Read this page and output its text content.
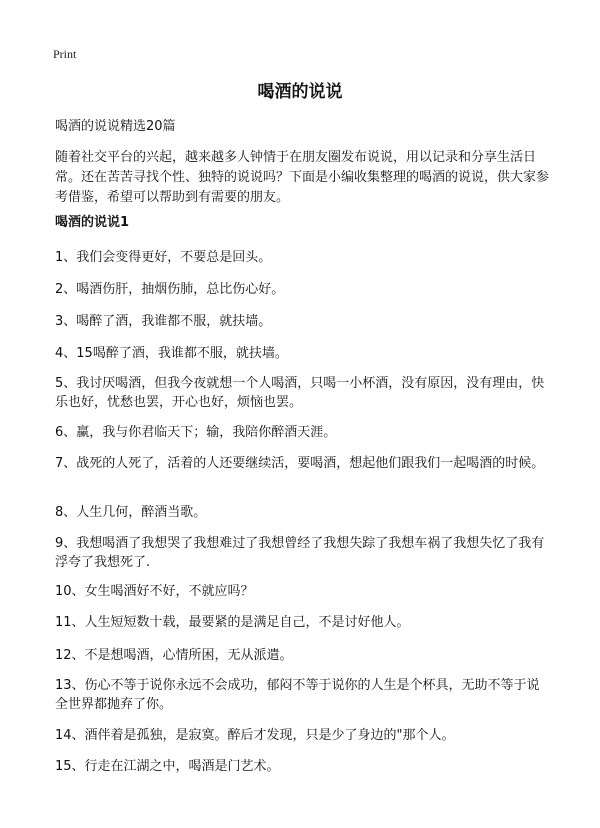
Print
喝酒的说说
喝酒的说说精选20篇
随着社交平台的兴起，越来越多人钟情于在朋友圈发布说说，用以记录和分享生活日常。还在苦苦寻找个性、独特的说说吗？下面是小编收集整理的喝酒的说说，供大家参考借鉴，希望可以帮助到有需要的朋友。
喝酒的说说1
1、我们会变得更好，不要总是回头。
2、喝酒伤肝，抽烟伤肺，总比伤心好。
3、喝醉了酒，我谁都不服，就扶墙。
4、15喝醉了酒，我谁都不服，就扶墙。
5、我讨厌喝酒，但我今夜就想一个人喝酒，只喝一小杯酒，没有原因，没有理由，快乐也好，忧愁也罢，开心也好，烦恼也罢。
6、赢，我与你君临天下；输，我陪你醉酒天涯。
7、战死的人死了，活着的人还要继续活，要喝酒，想起他们跟我们一起喝酒的时候。
8、人生几何，醉酒当歌。
9、我想喝酒了我想哭了我想难过了我想曾经了我想失踪了我想车祸了我想失忆了我有浮夸了我想死了.
10、女生喝酒好不好，不就应吗？
11、人生短短数十载，最要紧的是满足自己，不是讨好他人。
12、不是想喝酒，心情所困，无从派遣。
13、伤心不等于说你永远不会成功，郁闷不等于说你的人生是个杯具，无助不等于说全世界都抛弃了你。
14、酒伴着是孤独，是寂寞。醉后才发现，只是少了身边的"那个人。
15、行走在江湖之中，喝酒是门艺术。
